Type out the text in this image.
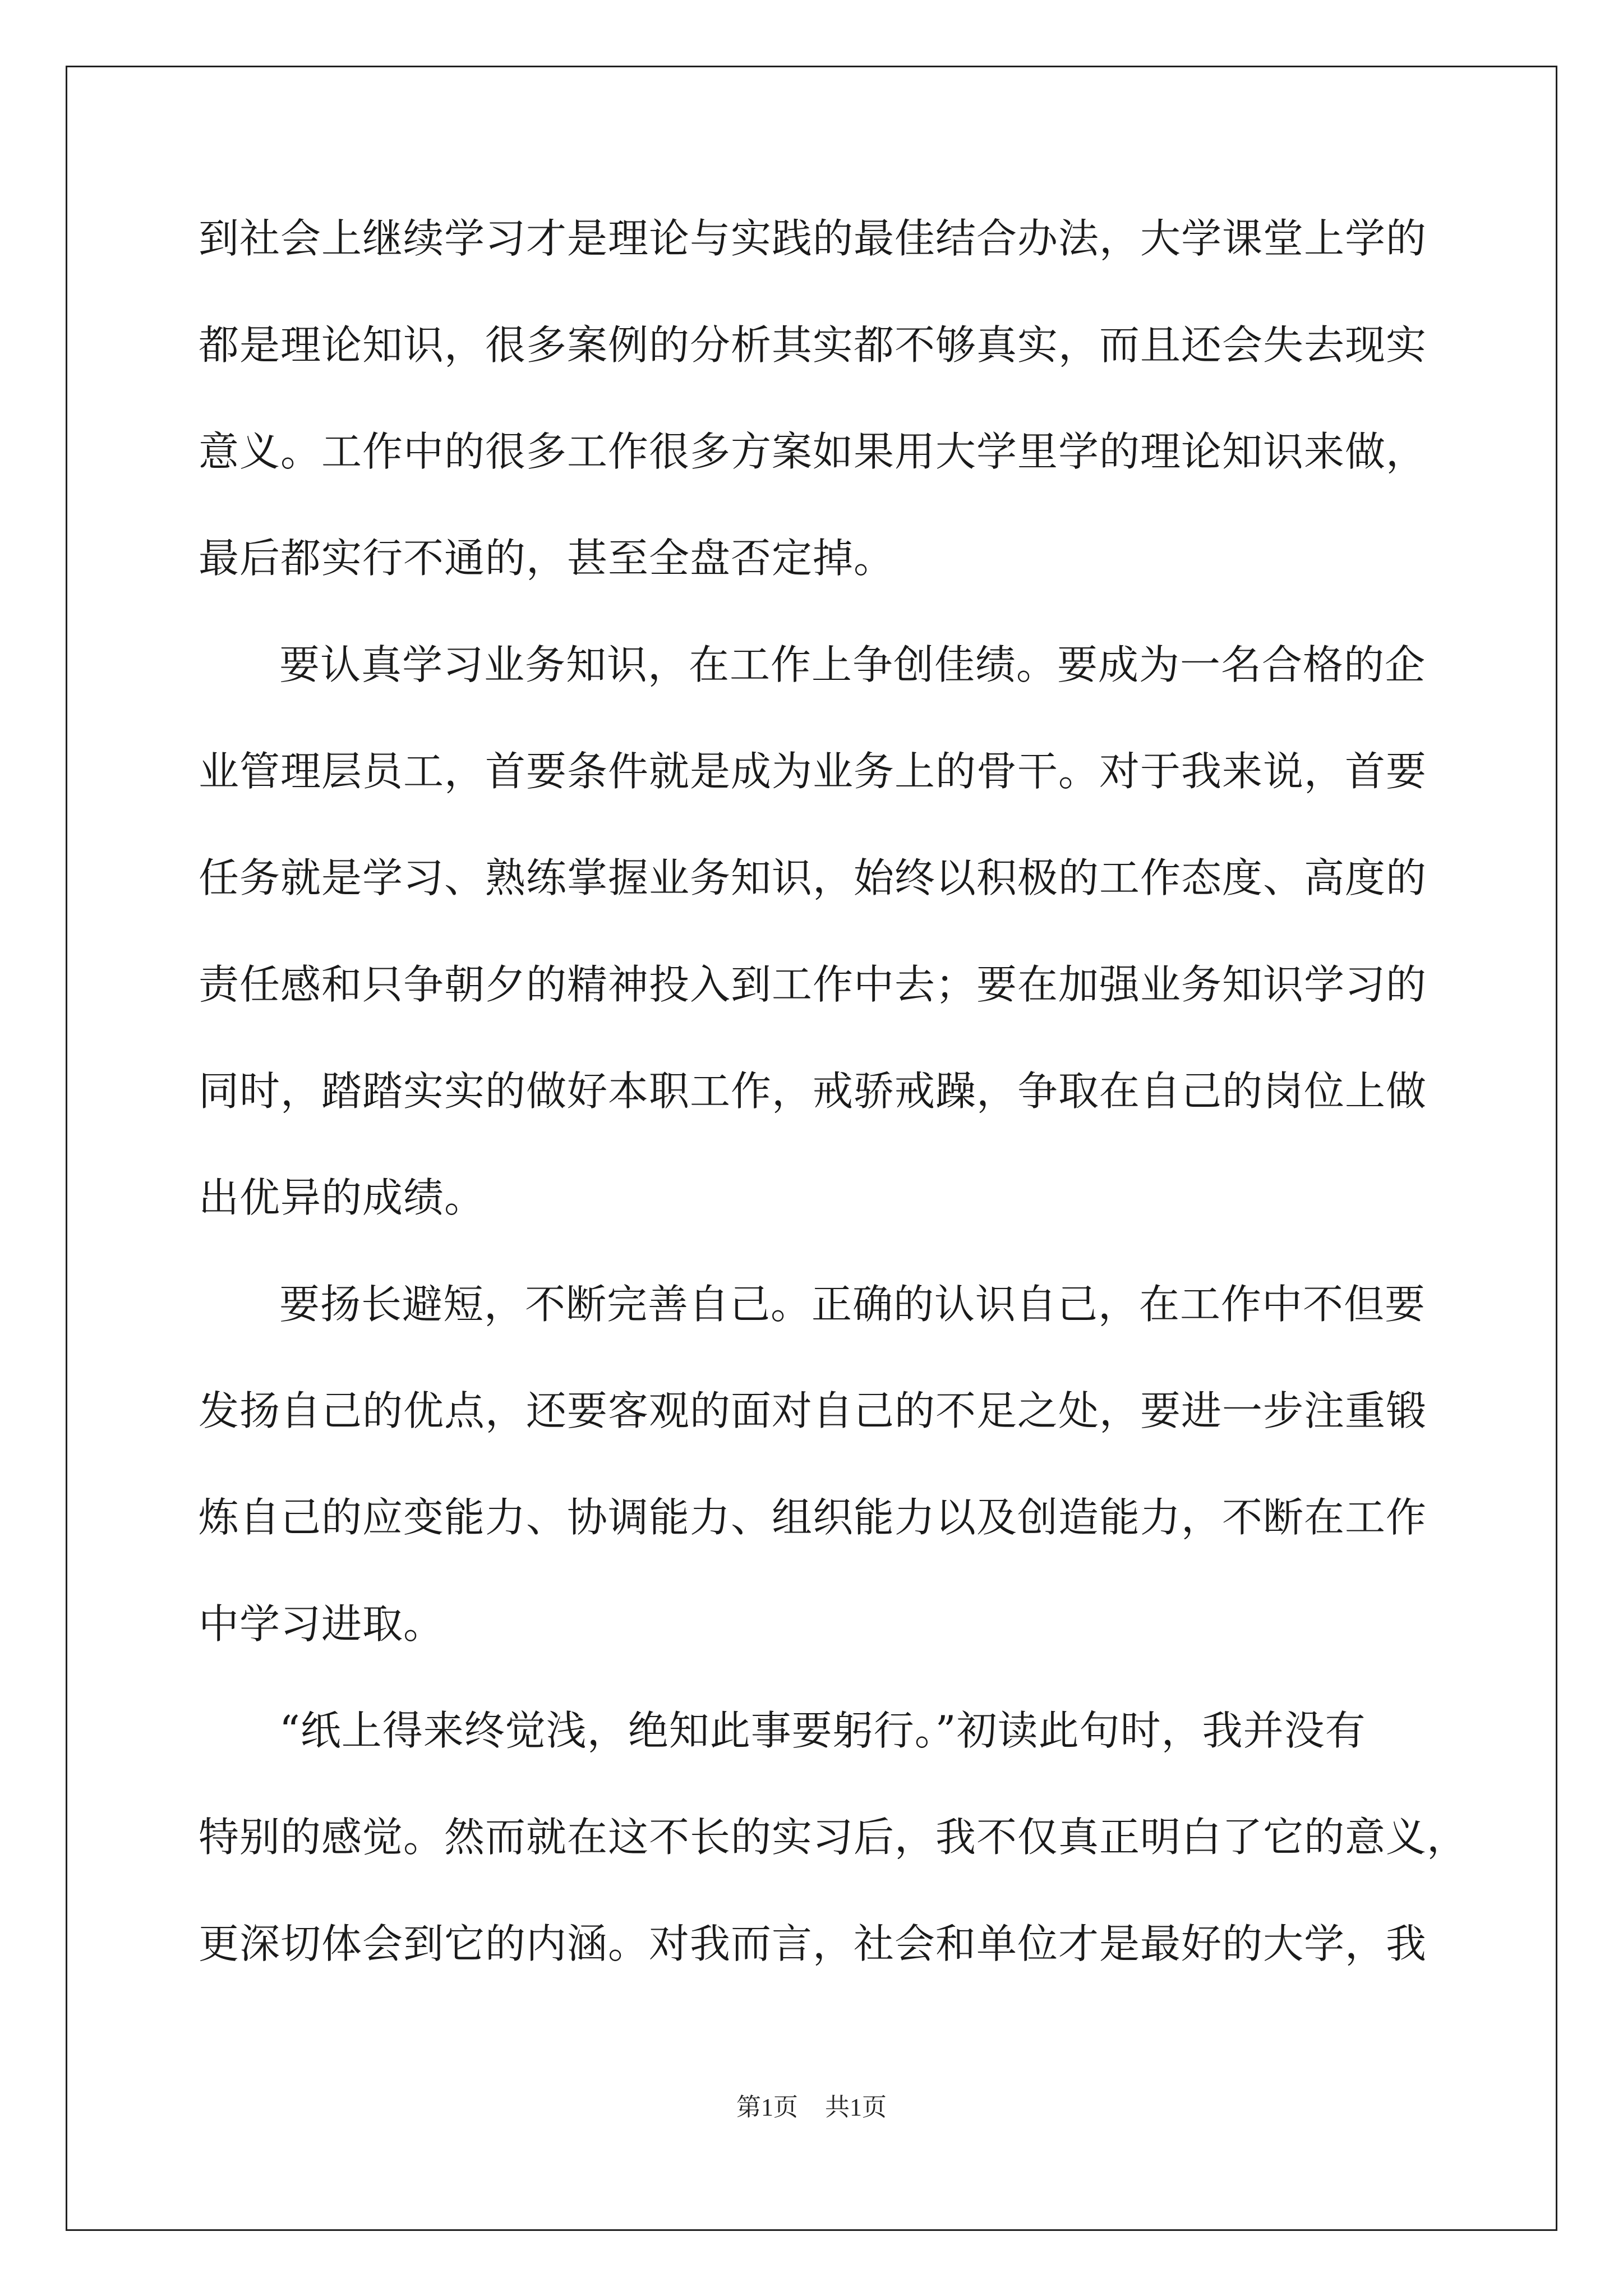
到社会上继续学习才是理论与实践的最佳结合办法，大学课堂上学的
都是理论知识，很多案例的分析其实都不够真实，而且还会失去现实
意义。工作中的很多工作很多方案如果用大学里学的理论知识来做，
最后都实行不通的，甚至全盘否定掉。
要认真学习业务知识，在工作上争创佳绩。要成为一名合格的企
业管理层员工，首要条件就是成为业务上的骨干。对于我来说，首要
任务就是学习、熟练掌握业务知识，始终以积极的工作态度、高度的
责任感和只争朝夕的精神投入到工作中去；要在加强业务知识学习的
同时，踏踏实实的做好本职工作，戒骄戒躁，争取在自己的岗位上做
出优异的成绩。
要扬长避短，不断完善自己。正确的认识自己，在工作中不但要
发扬自己的优点，还要客观的面对自己的不足之处，要进一步注重锻
炼自己的应变能力、协调能力、组织能力以及创造能力，不断在工作
中学习进取。
“纸上得来终觉浅，绝知此事要躬行。”初读此句时，我并没有
特别的感觉。然而就在这不长的实习后，我不仅真正明白了它的意义，
更深切体会到它的内涵。对我而言，社会和单位才是最好的大学，我
第1页 共1页
